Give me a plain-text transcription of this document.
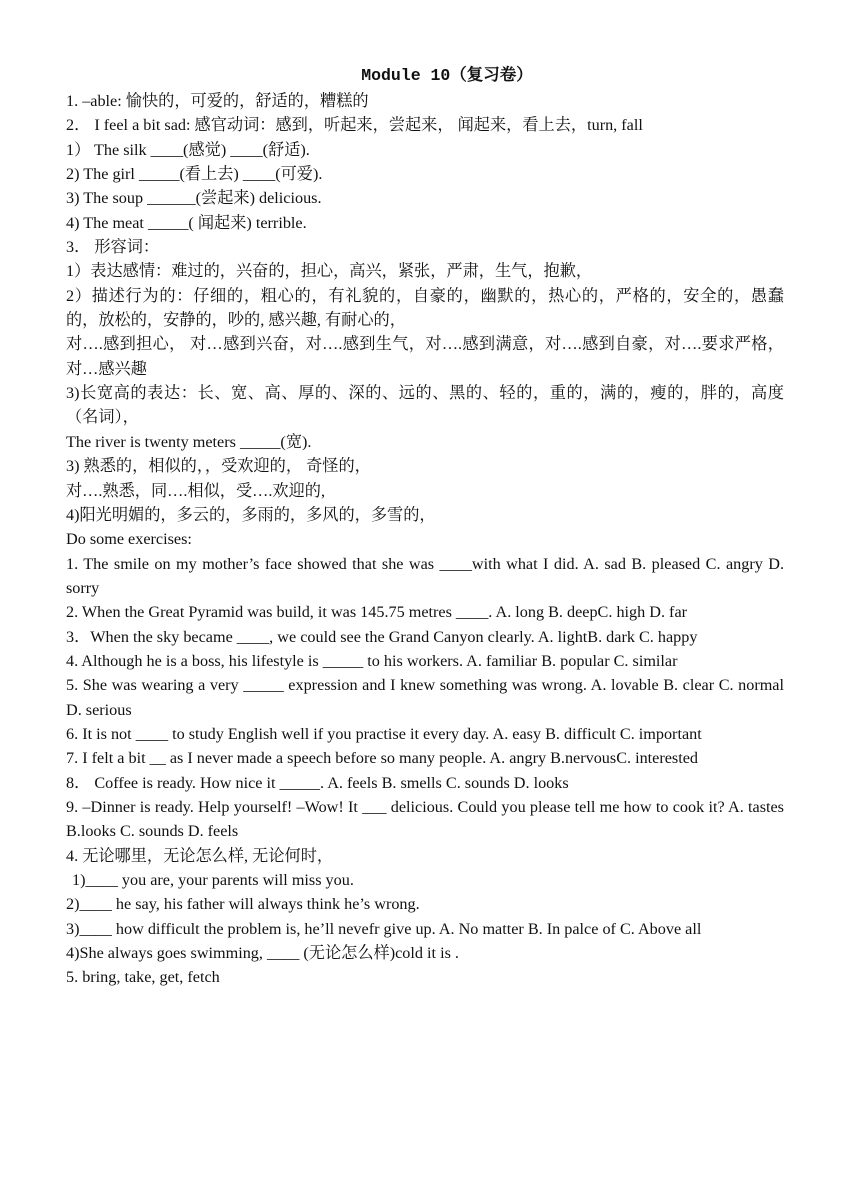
Module 10（复习卷）
1. –able: 愉快的，可爱的，舒适的，糟糕的
2． I feel a bit sad: 感官动词：感到，听起来，尝起来， 闻起来，看上去，turn, fall
1） The silk ____(感觉) ____(舒适).
2) The girl _____(看上去) ____(可爱).
3) The soup ______(尝起来) delicious.
4) The meat _____( 闻起来) terrible.
3． 形容词：
1）表达感情：难过的，兴奋的，担心，高兴，紧张，严肃，生气，抱歉，
2）描述行为的：仔细的，粗心的，有礼貌的，自豪的，幽默的，热心的，严格的，安全的，愚蠢的，放松的，安静的，吵的, 感兴趣, 有耐心的，
对….感到担心， 对…感到兴奋，对….感到生气，对….感到满意，对….感到自豪，对….要求严格， 对…感兴趣
3)长宽高的表达：长、宽、高、厚的、深的、远的、黑的、轻的，重的，满的，瘦的，胖的，高度（名词），
The river is twenty meters _____(宽).
3) 熟悉的，相似的，，受欢迎的， 奇怪的，
对….熟悉，同….相似，受….欢迎的,
4)阳光明媚的，多云的，多雨的，多风的，多雪的，
Do some exercises:
1. The smile on my mother’s face showed that she was ____with what I did. A. sad B. pleased C. angry D. sorry
2. When the Great Pyramid was build, it was 145.75 metres ____. A. long B. deepC. high D. far
3．When the sky became ____, we could see the Grand Canyon clearly. A. lightB. dark C. happy
4. Although he is a boss, his lifestyle is _____ to his workers. A. familiar B. popular C. similar
5. She was wearing a very _____ expression and I knew something was wrong. A. lovable B. clear C. normal D. serious
6. It is not ____ to study English well if you practise it every day. A. easy B. difficult C. important
7. I felt a bit __ as I never made a speech before so many people. A. angry B.nervousC. interested
8． Coffee is ready. How nice it _____. A. feels B. smells C. sounds D. looks
9. –Dinner is ready. Help yourself! –Wow! It ___ delicious. Could you please tell me how to cook it? A. tastes B.looks C. sounds D. feels
4. 无论哪里，无论怎么样, 无论何时，
1)____ you are, your parents will miss you.
2)____ he say, his father will always think he’s wrong.
3)____ how difficult the problem is, he’ll nevefr give up. A. No matter B. In palce of C. Above all
4)She always goes swimming, ____ (无论怎么样)cold it is .
5. bring, take, get, fetch
